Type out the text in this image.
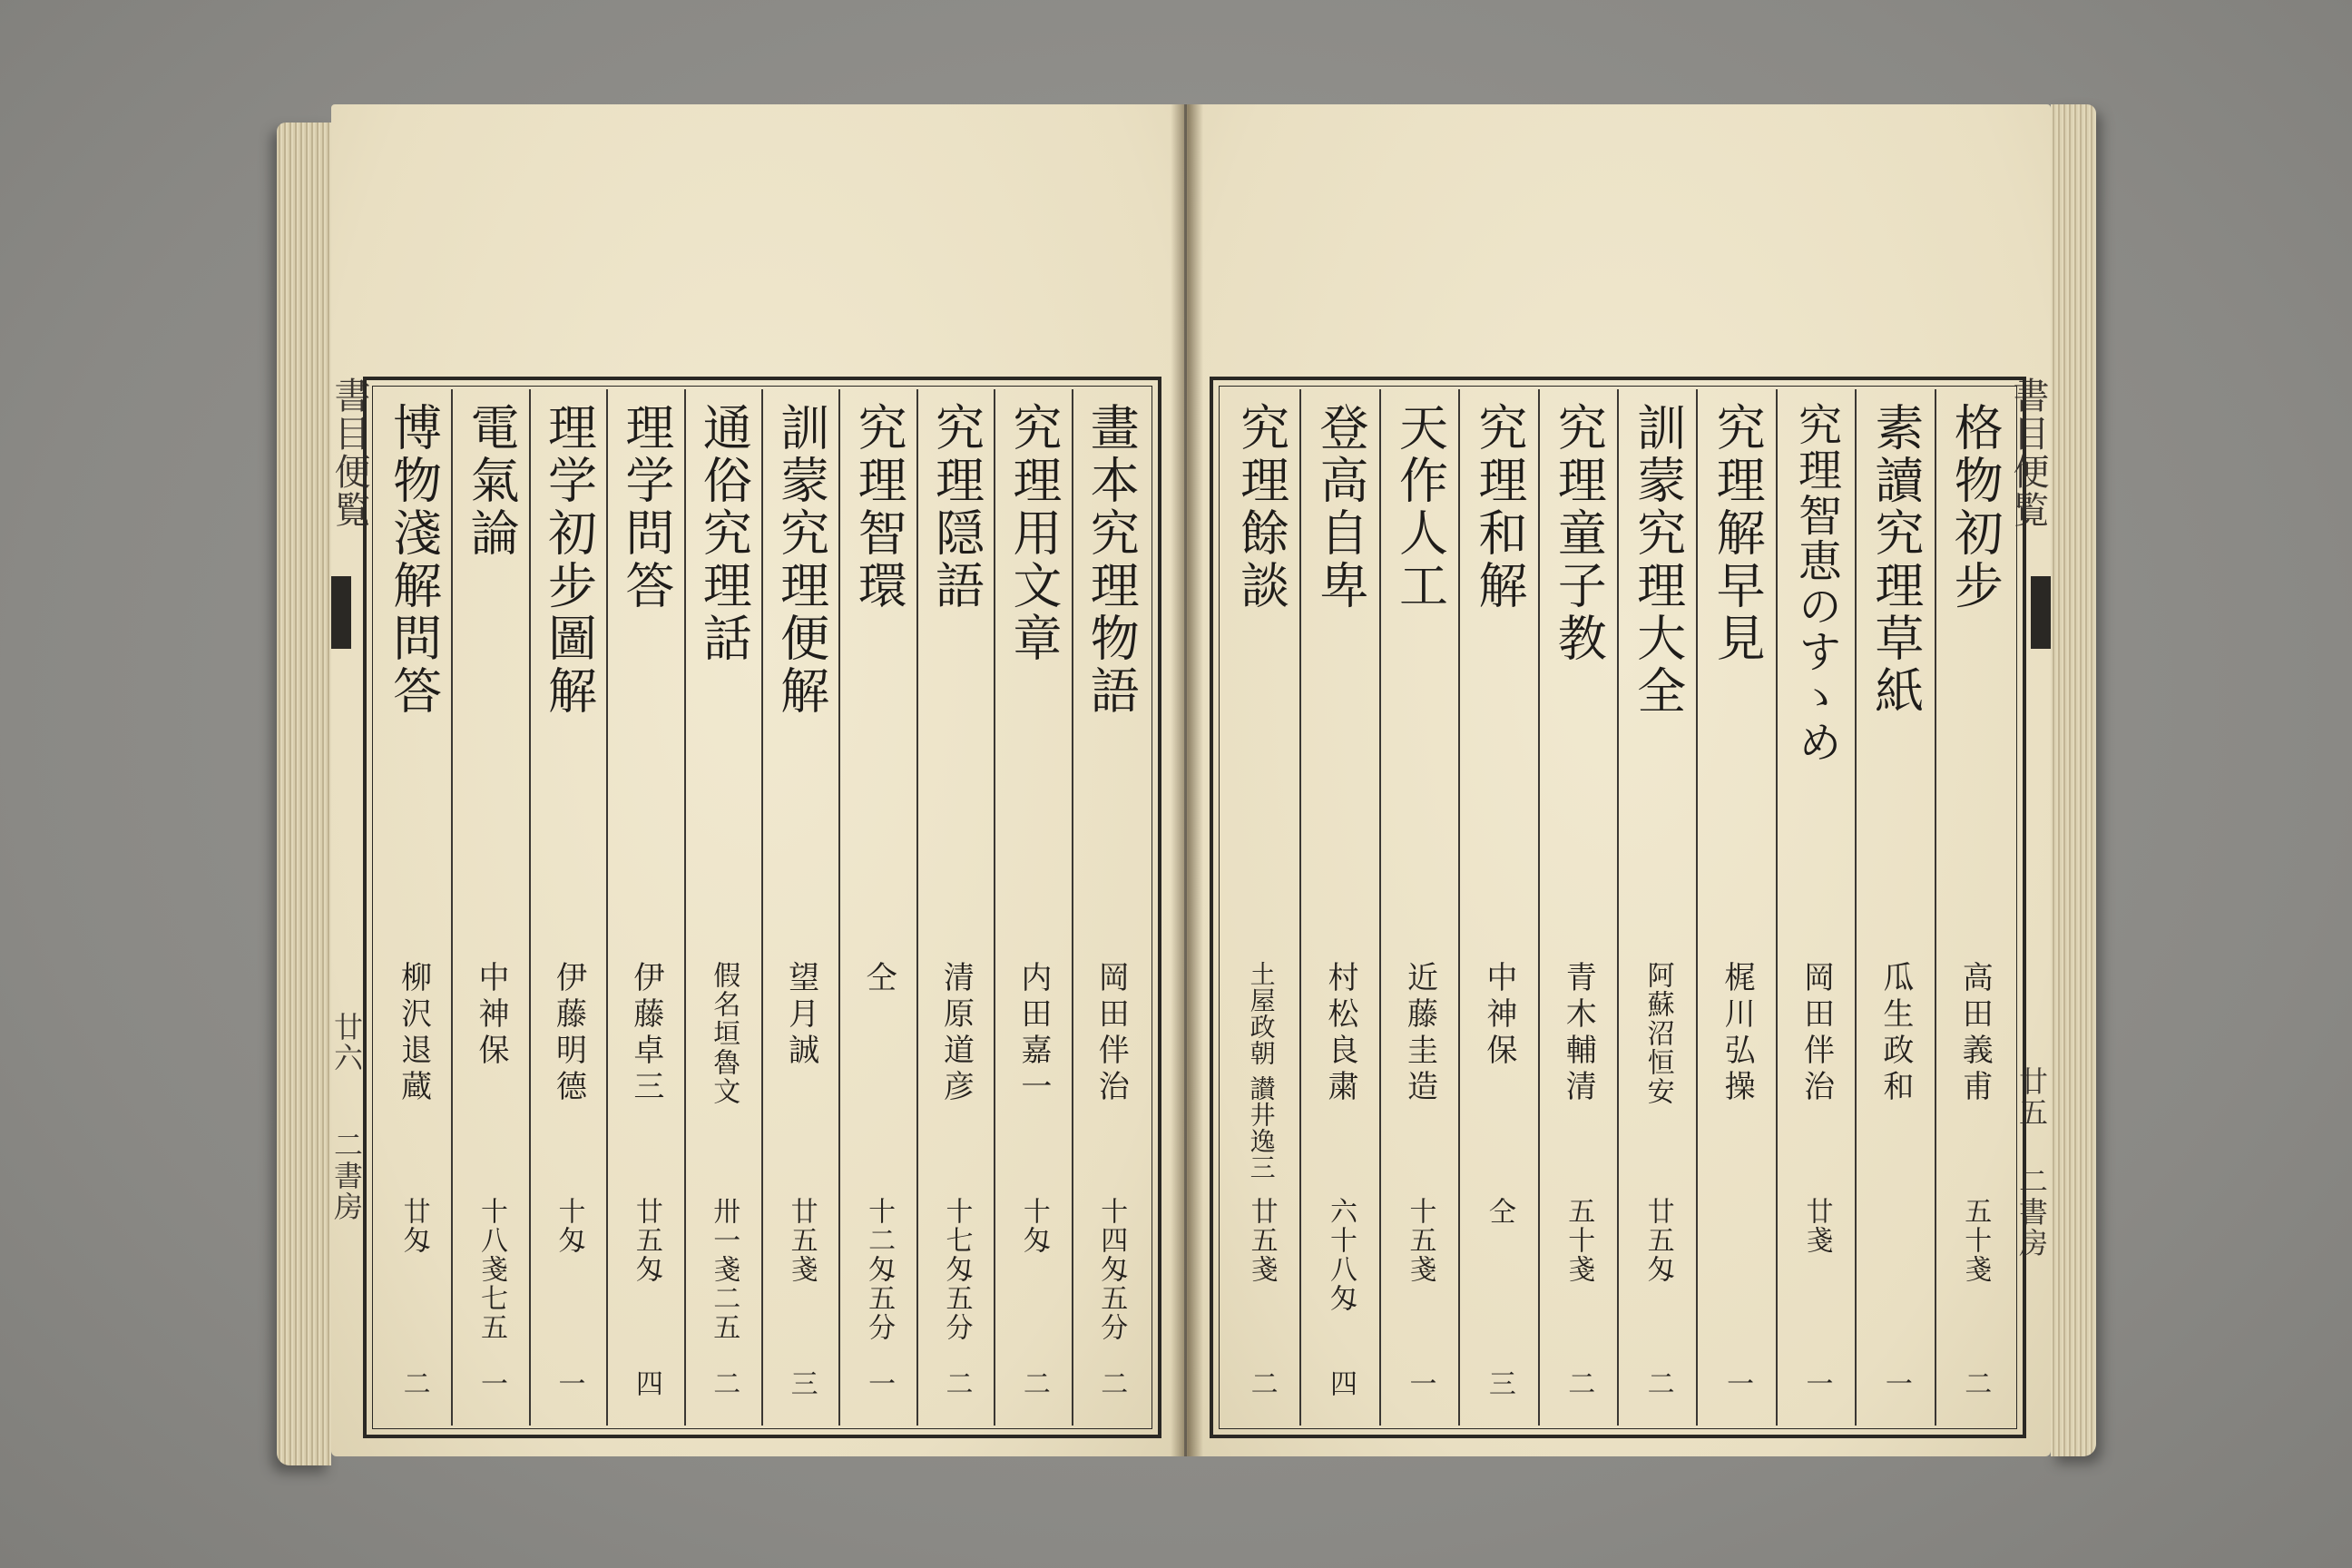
書目便覧
廿六
二書房
畫本究理物語
岡田伴治
十四匁五分
二
究理用文章
内田嘉一
十匁
二
究理隠語
清原道彦
十七匁五分
二
究理智環
仝
十二匁五分
一
訓蒙究理便解
望月誠
廿五戔
三
通俗究理話
假名垣魯文
卅一戔二五
二
理学問答
伊藤卓三
廿五匁
四
理学初步圖解
伊藤明德
十匁
一
電氣論
中神保
十八戔七五
一
博物淺解問答
柳沢退蔵
廿匁
二
書目便覧
廿五
二書房
格物初步
高田義甫
五十戔
二
素讀究理草紙
瓜生政和
一
究理智恵のすゝめ
岡田伴治
廿戔
一
究理解早見
梶川弘操
一
訓蒙究理大全
阿蘇沼恒安
廿五匁
二
究理童子教
青木輔清
五十戔
二
究理和解
中神保
仝
三
天作人工
近藤圭造
十五戔
一
登高自卑
村松良粛
六十八匁
四
究理餘談
土屋政朝 讃井逸三
廿五戔
二
